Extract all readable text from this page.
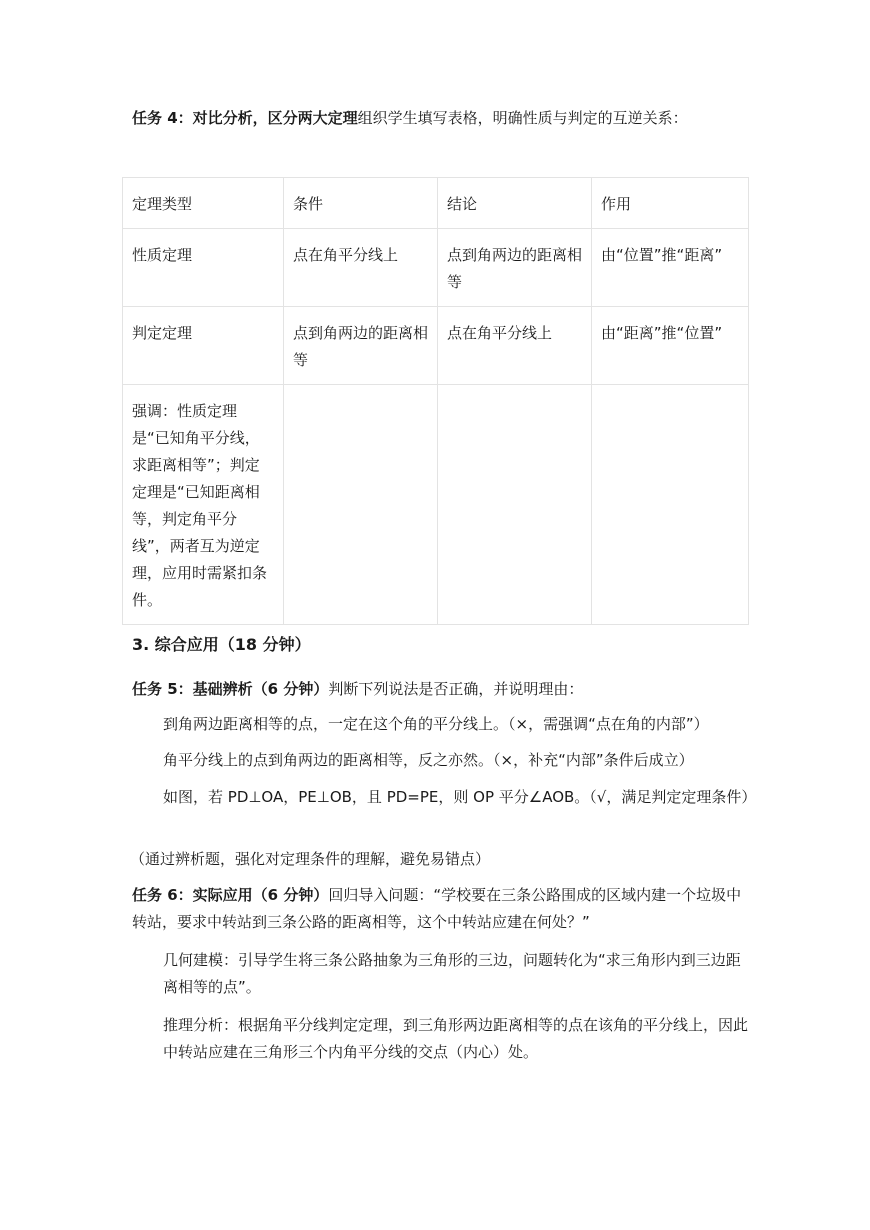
任务 4：对比分析，区分两大定理组织学生填写表格，明确性质与判定的互逆关系：
定理类型	条件	结论	作用
性质定理	点在角平分线上	点到角两边的距离相等	由“位置”推“距离”
判定定理	点到角两边的距离相等	点在角平分线上	由“距离”推“位置”
强调：性质定理是“已知角平分线，求距离相等”；判定定理是“已知距离相等，判定角平分线”，两者互为逆定理，应用时需紧扣条件。			
3. 综合应用（18 分钟）
任务 5：基础辨析（6 分钟）判断下列说法是否正确，并说明理由：
到角两边距离相等的点，一定在这个角的平分线上。（×，需强调“点在角的内部”）
角平分线上的点到角两边的距离相等，反之亦然。（×，补充“内部”条件后成立）
如图，若 PD⊥OA，PE⊥OB，且 PD=PE，则 OP 平分∠AOB。（√，满足判定定理条件）
（通过辨析题，强化对定理条件的理解，避免易错点）
任务 6：实际应用（6 分钟）回归导入问题：“学校要在三条公路围成的区域内建一个垃圾中转站，要求中转站到三条公路的距离相等，这个中转站应建在何处？”
几何建模：引导学生将三条公路抽象为三角形的三边，问题转化为“求三角形内到三边距离相等的点”。
推理分析：根据角平分线判定定理，到三角形两边距离相等的点在该角的平分线上，因此中转站应建在三角形三个内角平分线的交点（内心）处。
